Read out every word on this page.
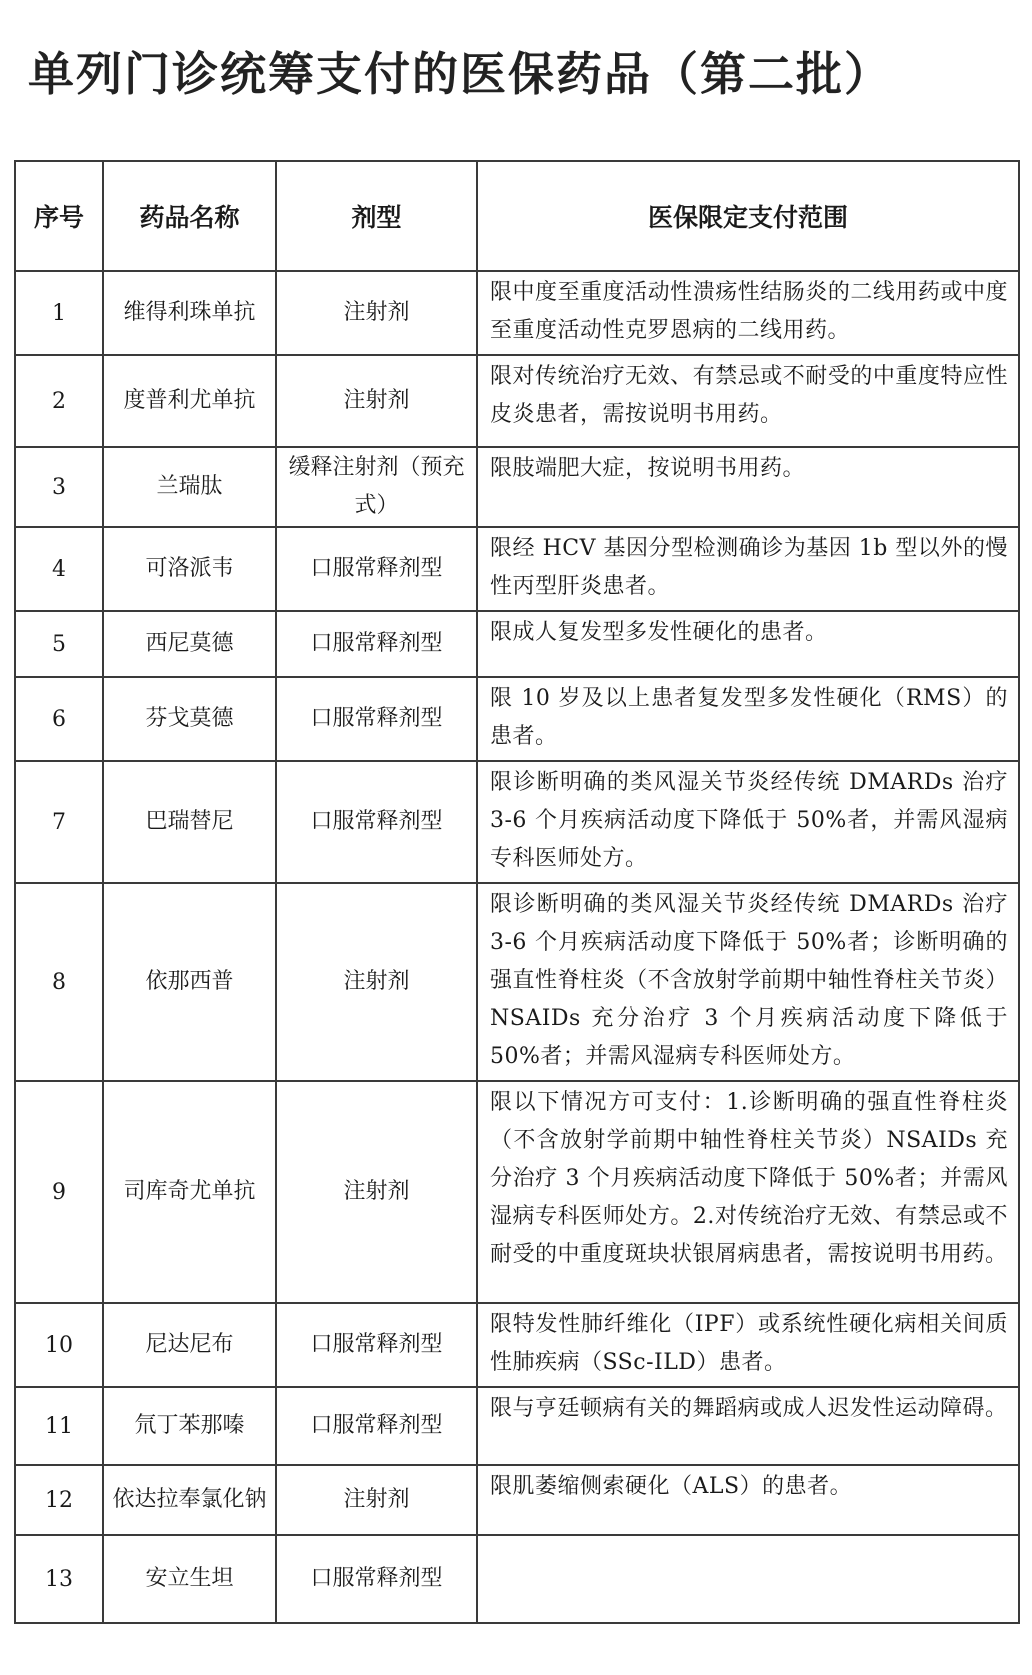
单列门诊统筹支付的医保药品（第二批）
序号	药品名称	剂型	医保限定支付范围
1	维得利珠单抗	注射剂	限中度至重度活动性溃疡性结肠炎的二线用药或中度至重度活动性克罗恩病的二线用药。
2	度普利尤单抗	注射剂	限对传统治疗无效、有禁忌或不耐受的中重度特应性皮炎患者，需按说明书用药。
3	兰瑞肽	缓释注射剂（预充式）	限肢端肥大症，按说明书用药。
4	可洛派韦	口服常释剂型	限经 HCV 基因分型检测确诊为基因 1b 型以外的慢性丙型肝炎患者。
5	西尼莫德	口服常释剂型	限成人复发型多发性硬化的患者。
6	芬戈莫德	口服常释剂型	限 10 岁及以上患者复发型多发性硬化（RMS）的患者。
7	巴瑞替尼	口服常释剂型	限诊断明确的类风湿关节炎经传统 DMARDs 治疗 3-6 个月疾病活动度下降低于 50%者，并需风湿病专科医师处方。
8	依那西普	注射剂	限诊断明确的类风湿关节炎经传统 DMARDs 治疗 3-6 个月疾病活动度下降低于 50%者；诊断明确的强直性脊柱炎（不含放射学前期中轴性脊柱关节炎）NSAIDs 充分治疗 3 个月疾病活动度下降低于 50%者；并需风湿病专科医师处方。
9	司库奇尤单抗	注射剂	限以下情况方可支付：1.诊断明确的强直性脊柱炎（不含放射学前期中轴性脊柱关节炎）NSAIDs 充分治疗 3 个月疾病活动度下降低于 50%者；并需风湿病专科医师处方。2.对传统治疗无效、有禁忌或不耐受的中重度斑块状银屑病患者，需按说明书用药。
10	尼达尼布	口服常释剂型	限特发性肺纤维化（IPF）或系统性硬化病相关间质性肺疾病（SSc-ILD）患者。
11	氘丁苯那嗪	口服常释剂型	限与亨廷顿病有关的舞蹈病或成人迟发性运动障碍。
12	依达拉奉氯化钠	注射剂	限肌萎缩侧索硬化（ALS）的患者。
13	安立生坦	口服常释剂型	
